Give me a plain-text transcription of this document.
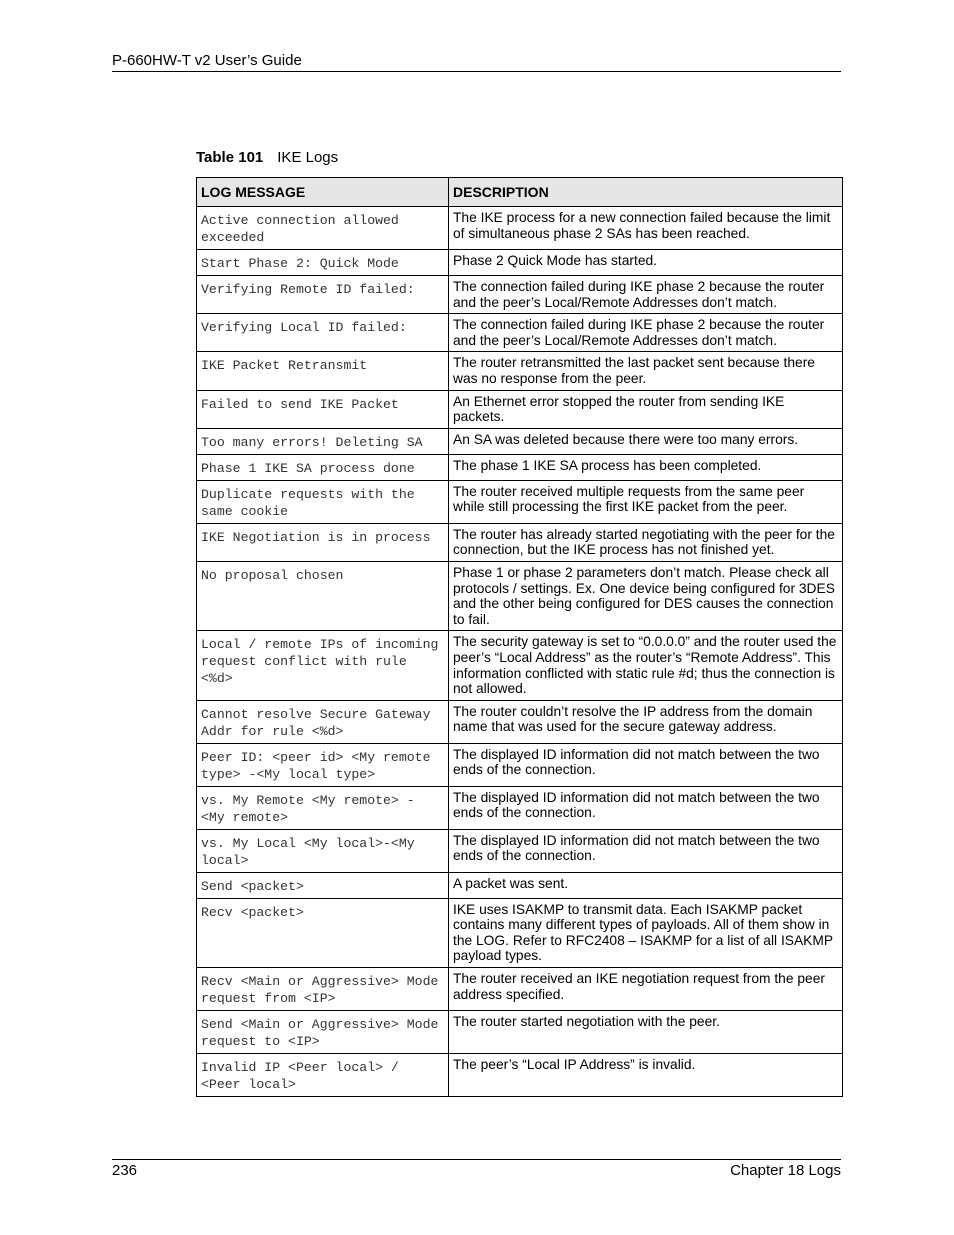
P-660HW-T v2 User’s Guide
Table 101 IKE Logs
LOG MESSAGE	DESCRIPTION
Active connection allowed exceeded	The IKE process for a new connection failed because the limit of simultaneous phase 2 SAs has been reached.
Start Phase 2: Quick Mode	Phase 2 Quick Mode has started.
Verifying Remote ID failed:	The connection failed during IKE phase 2 because the router and the peer’s Local/Remote Addresses don’t match.
Verifying Local ID failed:	The connection failed during IKE phase 2 because the router and the peer’s Local/Remote Addresses don’t match.
IKE Packet Retransmit	The router retransmitted the last packet sent because there was no response from the peer.
Failed to send IKE Packet	An Ethernet error stopped the router from sending IKE packets.
Too many errors! Deleting SA	An SA was deleted because there were too many errors.
Phase 1 IKE SA process done	The phase 1 IKE SA process has been completed.
Duplicate requests with the same cookie	The router received multiple requests from the same peer while still processing the first IKE packet from the peer.
IKE Negotiation is in process	The router has already started negotiating with the peer for the connection, but the IKE process has not finished yet.
No proposal chosen	Phase 1 or phase 2 parameters don’t match. Please check all protocols / settings. Ex. One device being configured for 3DES and the other being configured for DES causes the connection to fail.
Local / remote IPs of incoming request conflict with rule <%d>	The security gateway is set to “0.0.0.0” and the router used the peer’s “Local Address” as the router’s “Remote Address”. This information conflicted with static rule #d; thus the connection is not allowed.
Cannot resolve Secure Gateway Addr for rule <%d>	The router couldn’t resolve the IP address from the domain name that was used for the secure gateway address.
Peer ID: <peer id> <My remote type> -<My local type>	The displayed ID information did not match between the two ends of the connection.
vs. My Remote <My remote> - <My remote>	The displayed ID information did not match between the two ends of the connection.
vs. My Local <My local>-<My local>	The displayed ID information did not match between the two ends of the connection.
Send <packet>	A packet was sent.
Recv <packet>	IKE uses ISAKMP to transmit data. Each ISAKMP packet contains many different types of payloads. All of them show in the LOG. Refer to RFC2408 – ISAKMP for a list of all ISAKMP payload types.
Recv <Main or Aggressive> Mode request from <IP>	The router received an IKE negotiation request from the peer address specified.
Send <Main or Aggressive> Mode request to <IP>	The router started negotiation with the peer.
Invalid IP <Peer local> / <Peer local>	The peer’s “Local IP Address” is invalid.
236	Chapter 18 Logs
